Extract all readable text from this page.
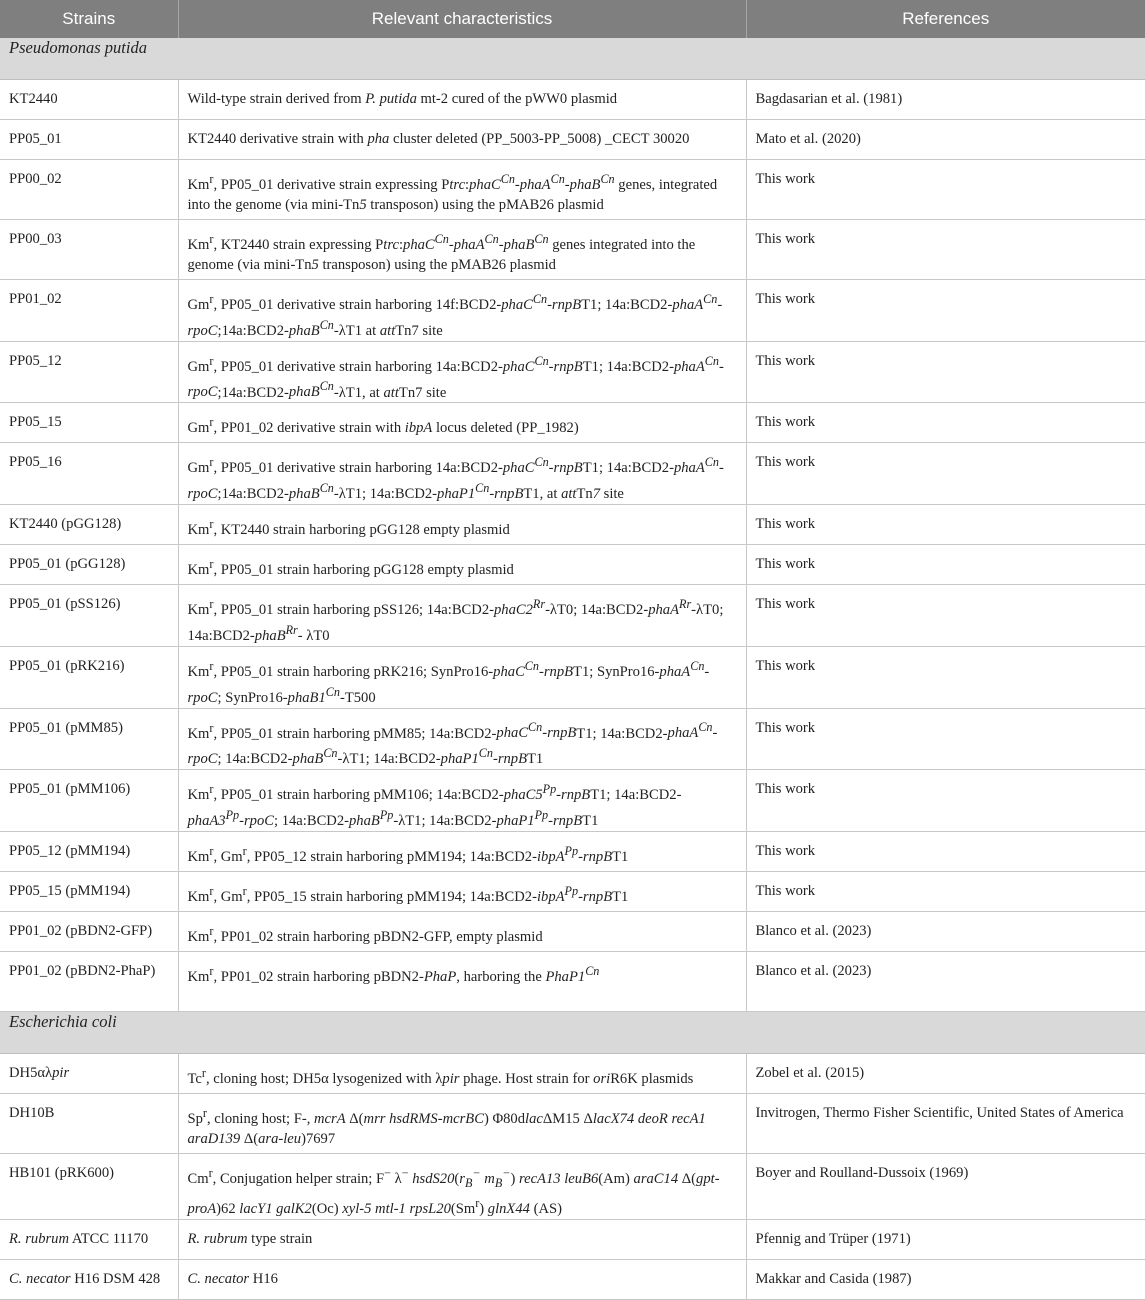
Strains	Relevant characteristics	References
Pseudomonas putida		

KT2440	Wild-type strain derived from P. putida mt-2 cured of the pWW0 plasmid	Bagdasarian et al. (1981)

PP05_01	KT2440 derivative strain with pha cluster deleted (PP_5003-PP_5008) _CECT 30020	Mato et al. (2020)

PP00_02	Km$^r$, PP05_01 derivative strain expressing Ptrc:phaC$^{Cn}$-phaA$^{Cn}$-phaB$^{Cn}$ genes, integrated into the genome (via mini-Tn5 transposon) using the pMAB26 plasmid	This work

PP00_03	Km$^r$, KT2440 strain expressing Ptrc:phaC$^{Cn}$-phaA$^{Cn}$-phaB$^{Cn}$ genes integrated into the genome (via mini-Tn5 transposon) using the pMAB26 plasmid	This work

PP01_02	Gm$^r$, PP05_01 derivative strain harboring 14f:BCD2-phaC$^{Cn}$-rnpBT1; 14a:BCD2-phaA$^{Cn}$-rpoC;14a:BCD2-phaB$^{Cn}$-λT1 at attTn7 site	This work

PP05_12	Gm$^r$, PP05_01 derivative strain harboring 14a:BCD2-phaC$^{Cn}$-rnpBT1; 14a:BCD2-phaA$^{Cn}$-rpoC;14a:BCD2-phaB$^{Cn}$-λT1, at attTn7 site	This work

PP05_15	Gm$^r$, PP01_02 derivative strain with ibpA locus deleted (PP_1982)	This work

PP05_16	Gm$^r$, PP05_01 derivative strain harboring 14a:BCD2-phaC$^{Cn}$-rnpBT1; 14a:BCD2-phaA$^{Cn}$-rpoC;14a:BCD2-phaB$^{Cn}$-λT1; $14a:BCD2-phaP1^{Cn}-rnpBT1$, at attTn7 site	This work

KT2440 (pGG128)	Km$^r$, KT2440 strain harboring pGG128 empty plasmid	This work

PP05_01 (pGG128)	Km$^r$, PP05_01 strain harboring pGG128 empty plasmid	This work

PP05_01 (pSS126)	Km$^r$, PP05_01 strain harboring pSS126; $14a:BCD2-phaC2^{Rr}-\lambda T0$; 14a:BCD2-phaA$^{Rr}$-λT0; 14a:BCD2-phaB$^{Rr}$- λT0	This work

PP05_01 (pRK216)	Km$^r$, PP05_01 strain harboring pRK216; SynPro16-phaC$^{Cn}$-rnpBT1; SynPro16-phaA$^{Cn}$-rpoC; $SynPro16-phaB1^{Cn}-T500$	This work

PP05_01 (pMM85)	Km$^r$, PP05_01 strain harboring pMM85; 14a:BCD2-phaC$^{Cn}$-rnpBT1; 14a:BCD2-phaA$^{Cn}$-rpoC; 14a:BCD2-phaB$^{Cn}$-λT1; $14a:BCD2-phaP1^{Cn}-rnpBT1$	This work

PP05_01 (pMM106)	Km$^r$, PP05_01 strain harboring pMM106; $14a:BCD2-phaC5^{Pp}-rnpBT1$; $14a:BCD2-phaA3^{Pp}$-rpoC; 14a:BCD2-phaB$^{Pp}$-λT1; $14a:BCD2-phaP1^{Pp}-rnpBT1$	This work

PP05_12 (pMM194)	Km$^r$, Gm$^r$, PP05_12 strain harboring pMM194; 14a:BCD2-ibpA$^{Pp}$-rnpBT1	This work

PP05_15 (pMM194)	Km$^r$, Gm$^r$, PP05_15 strain harboring pMM194; 14a:BCD2-ibpA$^{Pp}$-rnpBT1	This work

PP01_02 (pBDN2-GFP)	Km$^r$, PP01_02 strain harboring pBDN2-GFP, empty plasmid	Blanco et al. (2023)

PP01_02 (pBDN2-PhaP)	Km$^r$, PP01_02 strain harboring pBDN2-PhaP, harboring the $PhaP1^{Cn}$	Blanco et al. (2023)

Escherichia coli		

DH5αλpir	Tc$^r$, cloning host; DH5α lysogenized with λpir phage. Host strain for oriR6K plasmids	Zobel et al. (2015)

DH10B	Sp$^r$, cloning host; F-, mcrA Δ(mrr hsdRMS-mcrBC) Φ80dlacΔM15 ΔlacX74 deoR recA1 araD139 Δ(ara-leu)7697	Invitrogen, Thermo Fisher Scientific, United States of America

HB101 (pRK600)	Cm$^r$, Conjugation helper strain; F− λ− $hsdS20(r_B^-$ $m_B^-$) recA13 leuB6(Am) araC14 Δ(gpt-proA)62 lacY1 galK2(Oc) xyl-5 mtl-1 rpsL20(Sm$^r$) glnX44 (AS)	Boyer and Roulland-Dussoix (1969)

R. rubrum ATCC 11170	R. rubrum type strain	Pfennig and Trüper (1971)

C. necator H16 DSM 428	C. necator H16	Makkar and Casida (1987)
